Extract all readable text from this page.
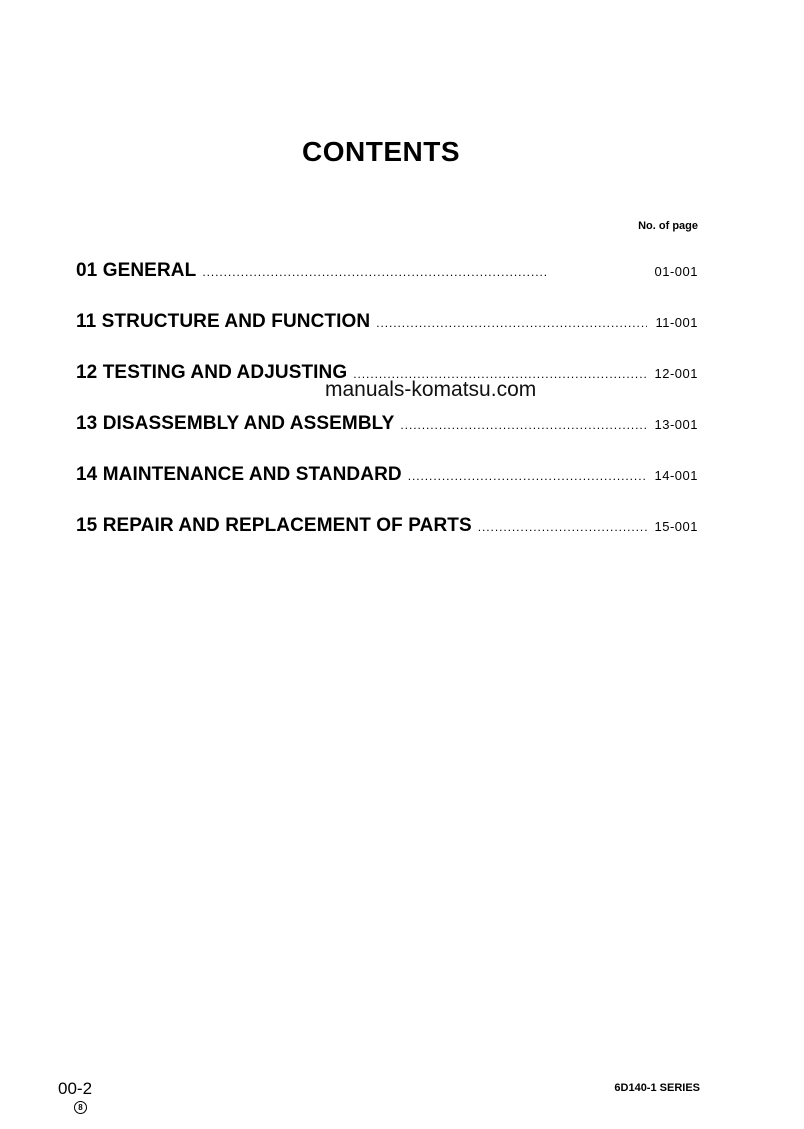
CONTENTS
No. of page
01 GENERAL . . .	01-001
11 STRUCTURE AND FUNCTION . . .	11-001
12 TESTING AND ADJUSTING . . .	12-001
13 DISASSEMBLY AND ASSEMBLY . . .	13-001
14 MAINTENANCE AND STANDARD . . .	14-001
15 REPAIR AND REPLACEMENT OF PARTS . . .	15-001
manuals-komatsu.com
00-2
8
6D140-1 SERIES
